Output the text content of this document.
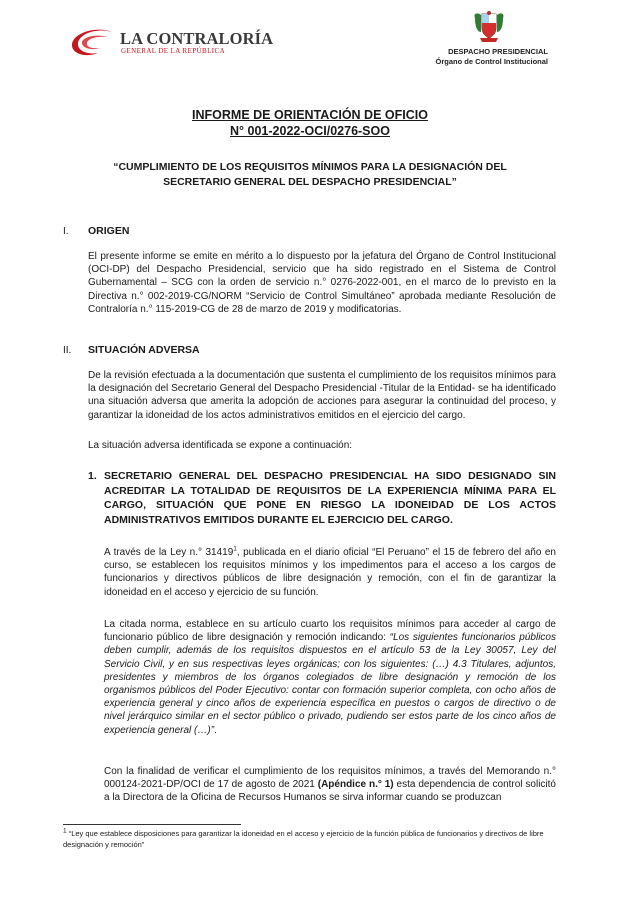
LA CONTRALORÍA
GENERAL DE LA REPÚBLICA	DESPACHO PRESIDENCIAL
Órgano de Control Institucional
INFORME DE ORIENTACIÓN DE OFICIO
N° 001-2022-OCI/0276-SOO
“CUMPLIMIENTO DE LOS REQUISITOS MÍNIMOS PARA LA DESIGNACIÓN DEL SECRETARIO GENERAL DEL DESPACHO PRESIDENCIAL”
I. ORIGEN

El presente informe se emite en mérito a lo dispuesto por la jefatura del Órgano de Control Institucional (OCI-DP) del Despacho Presidencial, servicio que ha sido registrado en el Sistema de Control Gubernamental – SCG con la orden de servicio n.° 0276-2022-001, en el marco de lo previsto en la Directiva n.° 002-2019-CG/NORM “Servicio de Control Simultáneo” aprobada mediante Resolución de Contraloría n.° 115-2019-CG de 28 de marzo de 2019 y modificatorias.

II. SITUACIÓN ADVERSA

De la revisión efectuada a la documentación que sustenta el cumplimiento de los requisitos mínimos para la designación del Secretario General del Despacho Presidencial -Titular de la Entidad- se ha identificado una situación adversa que amerita la adopción de acciones para asegurar la continuidad del proceso, y garantizar la idoneidad de los actos administrativos emitidos en el ejercicio del cargo.

La situación adversa identificada se expone a continuación:

1. SECRETARIO GENERAL DEL DESPACHO PRESIDENCIAL HA SIDO DESIGNADO SIN ACREDITAR LA TOTALIDAD DE REQUISITOS DE LA EXPERIENCIA MÍNIMA PARA EL CARGO, SITUACIÓN QUE PONE EN RIESGO LA IDONEIDAD DE LOS ACTOS ADMINISTRATIVOS EMITIDOS DURANTE EL EJERCICIO DEL CARGO.

A través de la Ley n.° 31419$^1$, publicada en el diario oficial “El Peruano” el 15 de febrero del año en curso, se establecen los requisitos mínimos y los impedimentos para el acceso a los cargos de funcionarios y directivos públicos de libre designación y remoción, con el fin de garantizar la idoneidad en el acceso y ejercicio de su función.

La citada norma, establece en su artículo cuarto los requisitos mínimos para acceder al cargo de funcionario público de libre designación y remoción indicando: “Los siguientes funcionarios públicos deben cumplir, además de los requisitos dispuestos en el artículo 53 de la Ley 30057, Ley del Servicio Civil, y en sus respectivas leyes orgánicas; con los siguientes: (…) 4.3 Titulares, adjuntos, presidentes y miembros de los órganos colegiados de libre designación y remoción de los organismos públicos del Poder Ejecutivo: contar con formación superior completa, con ocho años de experiencia general y cinco años de experiencia específica en puestos o cargos de directivo o de nivel jerárquico similar en el sector público o privado, pudiendo ser estos parte de los cinco años de experiencia general (…)”.

Con la finalidad de verificar el cumplimiento de los requisitos mínimos, a través del Memorando n.° 000124-2021-DP/OCI de 17 de agosto de 2021 (Apéndice n.° 1) esta dependencia de control solicitó a la Directora de la Oficina de Recursos Humanos se sirva informar cuando se produzcan

$^1$ “Ley que establece disposiciones para garantizar la idoneidad en el acceso y ejercicio de la función pública de funcionarios y directivos de libre designación y remoción”
